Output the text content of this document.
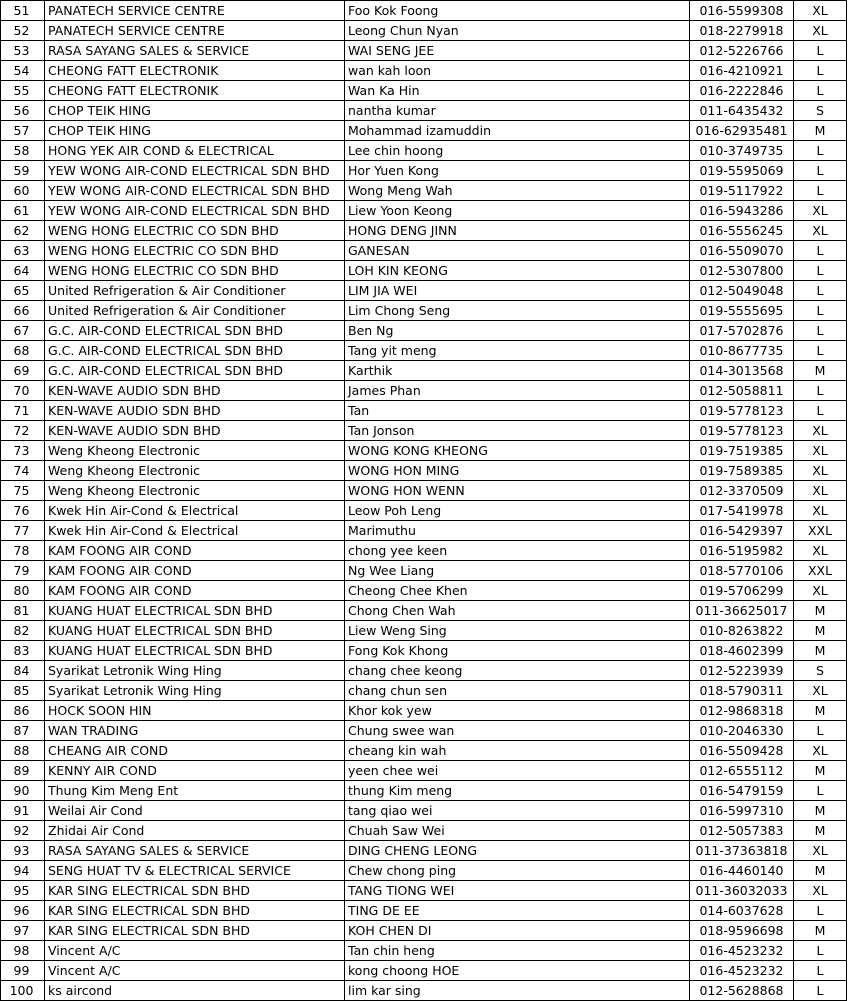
51	PANATECH SERVICE CENTRE	Foo Kok Foong	016-5599308	XL
52	PANATECH SERVICE CENTRE	Leong Chun Nyan	018-2279918	XL
53	RASA SAYANG SALES & SERVICE	WAI SENG JEE	012-5226766	L
54	CHEONG FATT ELECTRONIK	wan kah loon	016-4210921	L
55	CHEONG FATT ELECTRONIK	Wan Ka Hin	016-2222846	L
56	CHOP TEIK HING	nantha kumar	011-6435432	S
57	CHOP TEIK HING	Mohammad izamuddin	016-62935481	M
58	HONG YEK AIR COND & ELECTRICAL	Lee chin hoong	010-3749735	L
59	YEW WONG AIR-COND ELECTRICAL SDN BHD	Hor Yuen Kong	019-5595069	L
60	YEW WONG AIR-COND ELECTRICAL SDN BHD	Wong Meng Wah	019-5117922	L
61	YEW WONG AIR-COND ELECTRICAL SDN BHD	Liew Yoon Keong	016-5943286	XL
62	WENG HONG ELECTRIC CO SDN BHD	HONG DENG JINN	016-5556245	XL
63	WENG HONG ELECTRIC CO SDN BHD	GANESAN	016-5509070	L
64	WENG HONG ELECTRIC CO SDN BHD	LOH KIN KEONG	012-5307800	L
65	United Refrigeration & Air Conditioner	LIM JIA WEI	012-5049048	L
66	United Refrigeration & Air Conditioner	Lim Chong Seng	019-5555695	L
67	G.C. AIR-COND ELECTRICAL SDN BHD	Ben Ng	017-5702876	L
68	G.C. AIR-COND ELECTRICAL SDN BHD	Tang yit meng	010-8677735	L
69	G.C. AIR-COND ELECTRICAL SDN BHD	Karthik	014-3013568	M
70	KEN-WAVE AUDIO SDN BHD	James Phan	012-5058811	L
71	KEN-WAVE AUDIO SDN BHD	Tan	019-5778123	L
72	KEN-WAVE AUDIO SDN BHD	Tan Jonson	019-5778123	XL
73	Weng Kheong Electronic	WONG KONG KHEONG	019-7519385	XL
74	Weng Kheong Electronic	WONG HON MING	019-7589385	XL
75	Weng Kheong Electronic	WONG HON WENN	012-3370509	XL
76	Kwek Hin Air-Cond & Electrical	Leow Poh Leng	017-5419978	XL
77	Kwek Hin Air-Cond & Electrical	Marimuthu	016-5429397	XXL
78	KAM FOONG AIR COND	chong yee keen	016-5195982	XL
79	KAM FOONG AIR COND	Ng Wee Liang	018-5770106	XXL
80	KAM FOONG AIR COND	Cheong Chee Khen	019-5706299	XL
81	KUANG HUAT ELECTRICAL SDN BHD	Chong Chen Wah	011-36625017	M
82	KUANG HUAT ELECTRICAL SDN BHD	Liew Weng Sing	010-8263822	M
83	KUANG HUAT ELECTRICAL SDN BHD	Fong Kok Khong	018-4602399	M
84	Syarikat Letronik Wing Hing	chang chee keong	012-5223939	S
85	Syarikat Letronik Wing Hing	chang chun sen	018-5790311	XL
86	HOCK SOON HIN	Khor kok yew	012-9868318	M
87	WAN TRADING	Chung swee wan	010-2046330	L
88	CHEANG AIR COND	cheang kin wah	016-5509428	XL
89	KENNY AIR COND	yeen chee wei	012-6555112	M
90	Thung Kim Meng Ent	thung Kim meng	016-5479159	L
91	Weilai Air Cond	tang qiao wei	016-5997310	M
92	Zhidai Air Cond	Chuah Saw Wei	012-5057383	M
93	RASA SAYANG SALES & SERVICE	DING CHENG LEONG	011-37363818	XL
94	SENG HUAT TV & ELECTRICAL SERVICE	Chew chong ping	016-4460140	M
95	KAR SING ELECTRICAL SDN BHD	TANG TIONG WEI	011-36032033	XL
96	KAR SING ELECTRICAL SDN BHD	TING DE EE	014-6037628	L
97	KAR SING ELECTRICAL SDN BHD	KOH CHEN DI	018-9596698	M
98	Vincent A/C	Tan chin heng	016-4523232	L
99	Vincent A/C	kong choong HOE	016-4523232	L
100	ks aircond	lim kar sing	012-5628868	L
